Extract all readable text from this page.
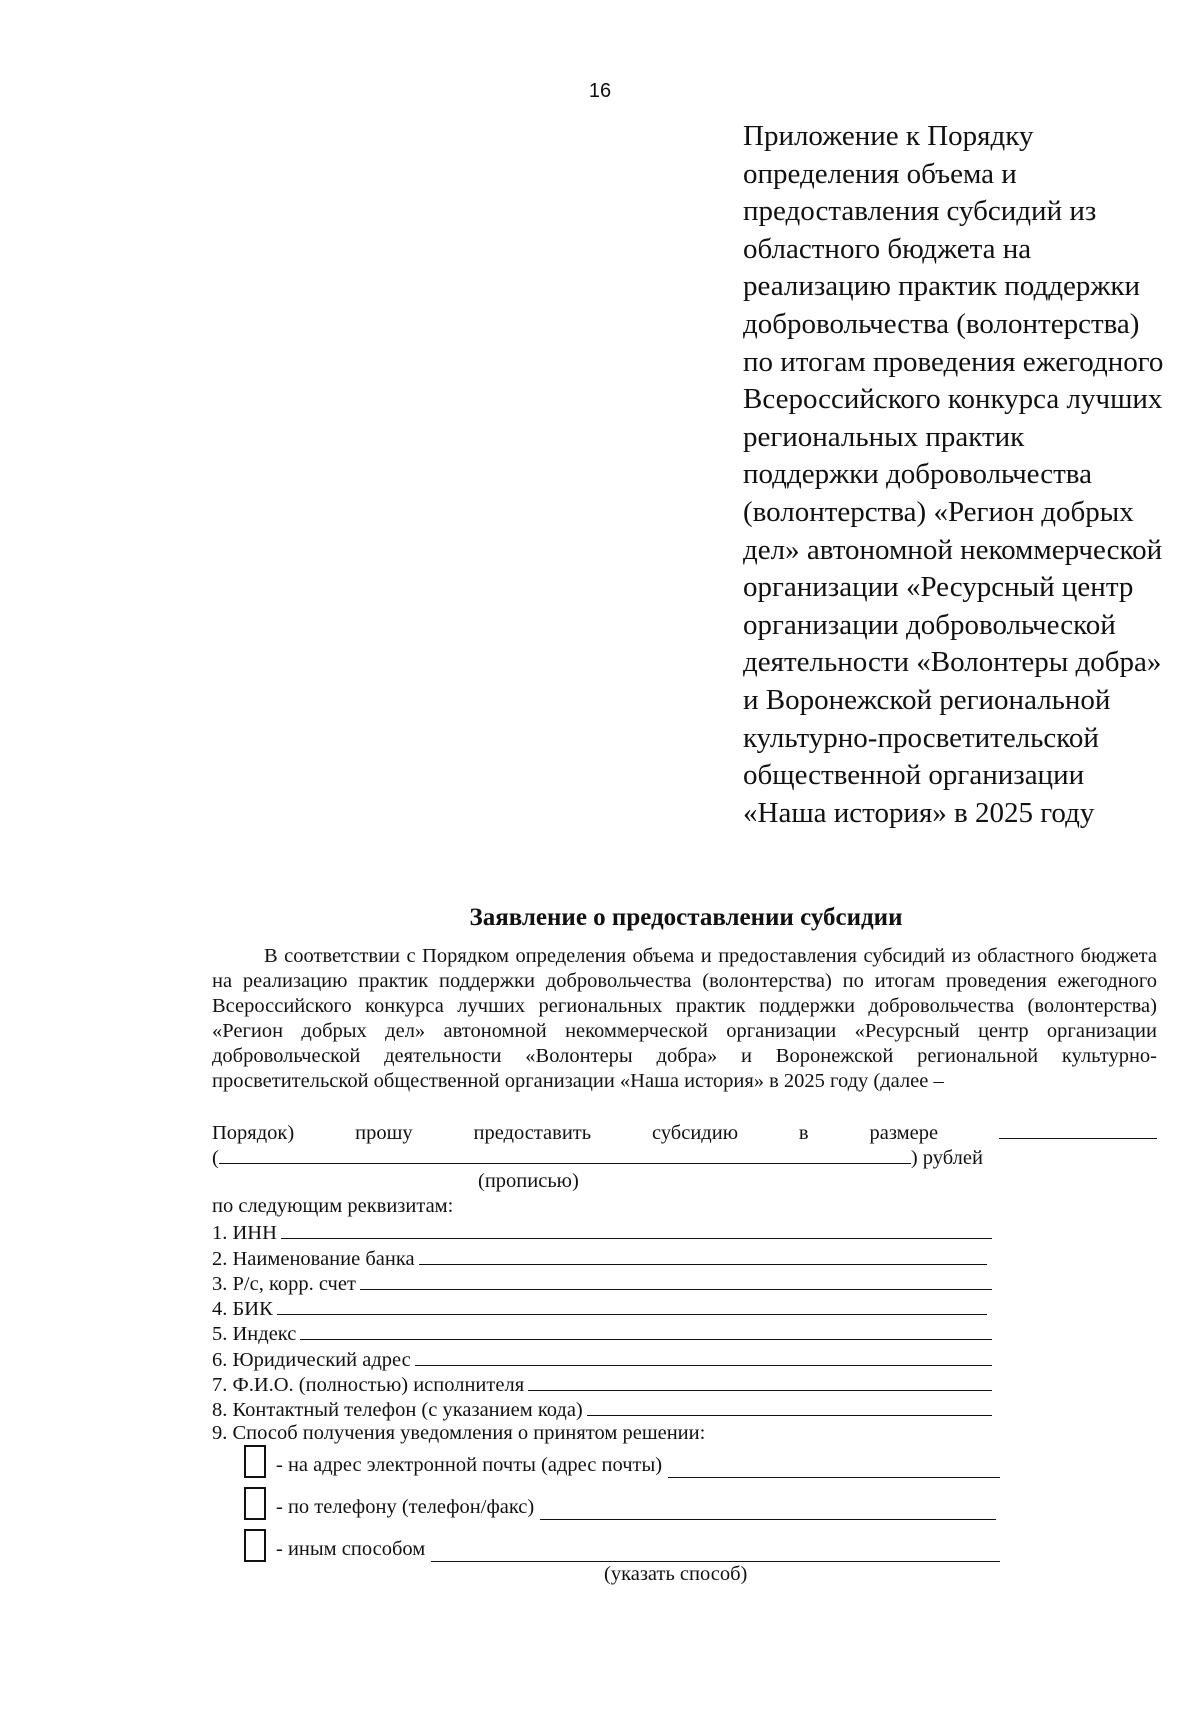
16
Приложение к Порядку
определения объема и
предоставления субсидий из
областного бюджета на
реализацию практик поддержки
добровольчества (волонтерства)
по итогам проведения ежегодного
Всероссийского конкурса лучших
региональных практик
поддержки добровольчества
(волонтерства) «Регион добрых
дел» автономной некоммерческой
организации «Ресурсный центр
организации добровольческой
деятельности «Волонтеры добра»
и Воронежской региональной
культурно-просветительской
общественной организации
«Наша история» в 2025 году
Заявление о предоставлении субсидии

В соответствии с Порядком определения объема и предоставления субсидий из областного бюджета на реализацию практик поддержки добровольчества (волонтерства) по итогам проведения ежегодного Всероссийского конкурса лучших региональных практик поддержки добровольчества (волонтерства) «Регион добрых дел» автономной некоммерческой организации «Ресурсный центр организации добровольческой деятельности «Волонтеры добра» и Воронежской региональной культурно-просветительской общественной организации «Наша история» в 2025 году (далее –

Порядок)	прошу	предоставить	субсидию	в	размере
(	) рублей
(прописью)
по следующим реквизитам:
1. ИНН
2. Наименование банка
3. Р/с, корр. счет
4. БИК
5. Индекс
6. Юридический адрес
7. Ф.И.О. (полностью) исполнителя
8. Контактный телефон (с указанием кода)
9. Способ получения уведомления о принятом решении:
- на адрес электронной почты (адрес почты)
- по телефону (телефон/факс)
- иным способом
(указать способ)
